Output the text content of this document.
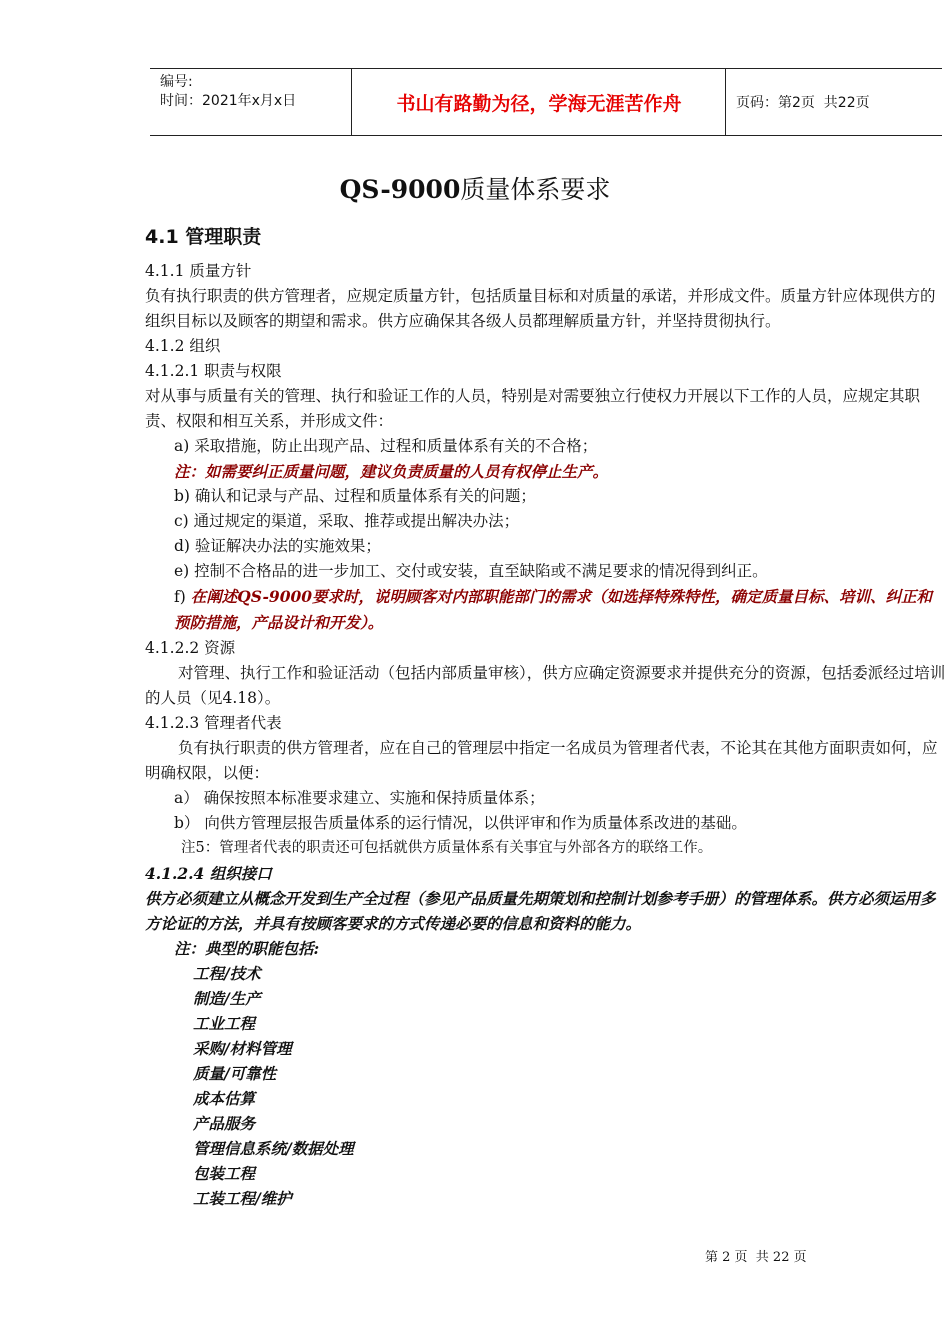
编号:
时间：2021年x月x日	书山有路勤为径，学海无涯苦作舟	页码：第2页  共22页
QS-9000质量体系要求
4.1 管理职责

4.1.1 质量方针

负有执行职责的供方管理者，应规定质量方针，包括质量目标和对质量的承诺，并形成文件。质量方针应体现供方的组织目标以及顾客的期望和需求。供方应确保其各级人员都理解质量方针，并坚持贯彻执行。

4.1.2 组织

4.1.2.1 职责与权限

对从事与质量有关的管理、执行和验证工作的人员，特别是对需要独立行使权力开展以下工作的人员，应规定其职责、权限和相互关系，并形成文件：

a) 采取措施，防止出现产品、过程和质量体系有关的不合格；

注：如需要纠正质量问题，建议负责质量的人员有权停止生产。

b) 确认和记录与产品、过程和质量体系有关的问题；

c) 通过规定的渠道，采取、推荐或提出解决办法；

d) 验证解决办法的实施效果；

e) 控制不合格品的进一步加工、交付或安装，直至缺陷或不满足要求的情况得到纠正。

f) 在阐述QS-9000要求时，说明顾客对内部职能部门的需求（如选择特殊特性，确定质量目标、培训、纠正和预防措施，产品设计和开发）。

4.1.2.2 资源

对管理、执行工作和验证活动（包括内部质量审核），供方应确定资源要求并提供充分的资源，包括委派经过培训的人员（见4.18）。

4.1.2.3 管理者代表

负有执行职责的供方管理者，应在自己的管理层中指定一名成员为管理者代表，不论其在其他方面职责如何，应明确权限，以便：

a） 确保按照本标准要求建立、实施和保持质量体系；

b） 向供方管理层报告质量体系的运行情况，以供评审和作为质量体系改进的基础。

注5：管理者代表的职责还可包括就供方质量体系有关事宜与外部各方的联络工作。

4.1.2.4 组织接口

供方必须建立从概念开发到生产全过程（参见产品质量先期策划和控制计划参考手册）的管理体系。供方必须运用多方论证的方法，并具有按顾客要求的方式传递必要的信息和资料的能力。

注：典型的职能包括:

工程/技术

制造/生产

工业工程

采购/材料管理

质量/可靠性

成本估算

产品服务

管理信息系统/数据处理

包装工程

工装工程/维护

第 2 页  共 22 页
